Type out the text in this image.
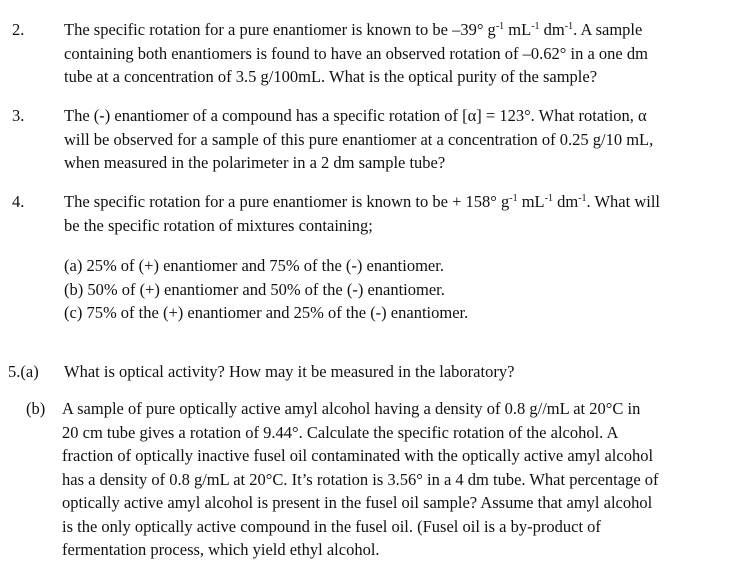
2. The specific rotation for a pure enantiomer is known to be –39° $g^{-1}$ $mL^{-1}$ $dm^{-1}$. A sample

containing both enantiomers is found to have an observed rotation of –0.62° in a one dm

tube at a concentration of 3.5 g/100mL. What is the optical purity of the sample?

3. The (-) enantiomer of a compound has a specific rotation of [α] = 123°. What rotation, α

will be observed for a sample of this pure enantiomer at a concentration of 0.25 g/10 mL,

when measured in the polarimeter in a 2 dm sample tube?

4. The specific rotation for a pure enantiomer is known to be + 158° $g^{-1}$ $mL^{-1}$ $dm^{-1}$. What will

be the specific rotation of mixtures containing;

(a) 25% of (+) enantiomer and 75% of the (-) enantiomer.
(b) 50% of (+) enantiomer and 50% of the (-) enantiomer.
(c) 75% of the (+) enantiomer and 25% of the (-) enantiomer.
5.(a) What is optical activity? How may it be measured in the laboratory?

(b) A sample of pure optically active amyl alcohol having a density of 0.8 g//mL at 20°C in

20 cm tube gives a rotation of 9.44°. Calculate the specific rotation of the alcohol. A

fraction of optically inactive fusel oil contaminated with the optically active amyl alcohol

has a density of 0.8 g/mL at 20°C. It’s rotation is 3.56° in a 4 dm tube. What percentage of

optically active amyl alcohol is present in the fusel oil sample? Assume that amyl alcohol

is the only optically active compound in the fusel oil. (Fusel oil is a by-product of

fermentation process, which yield ethyl alcohol.
